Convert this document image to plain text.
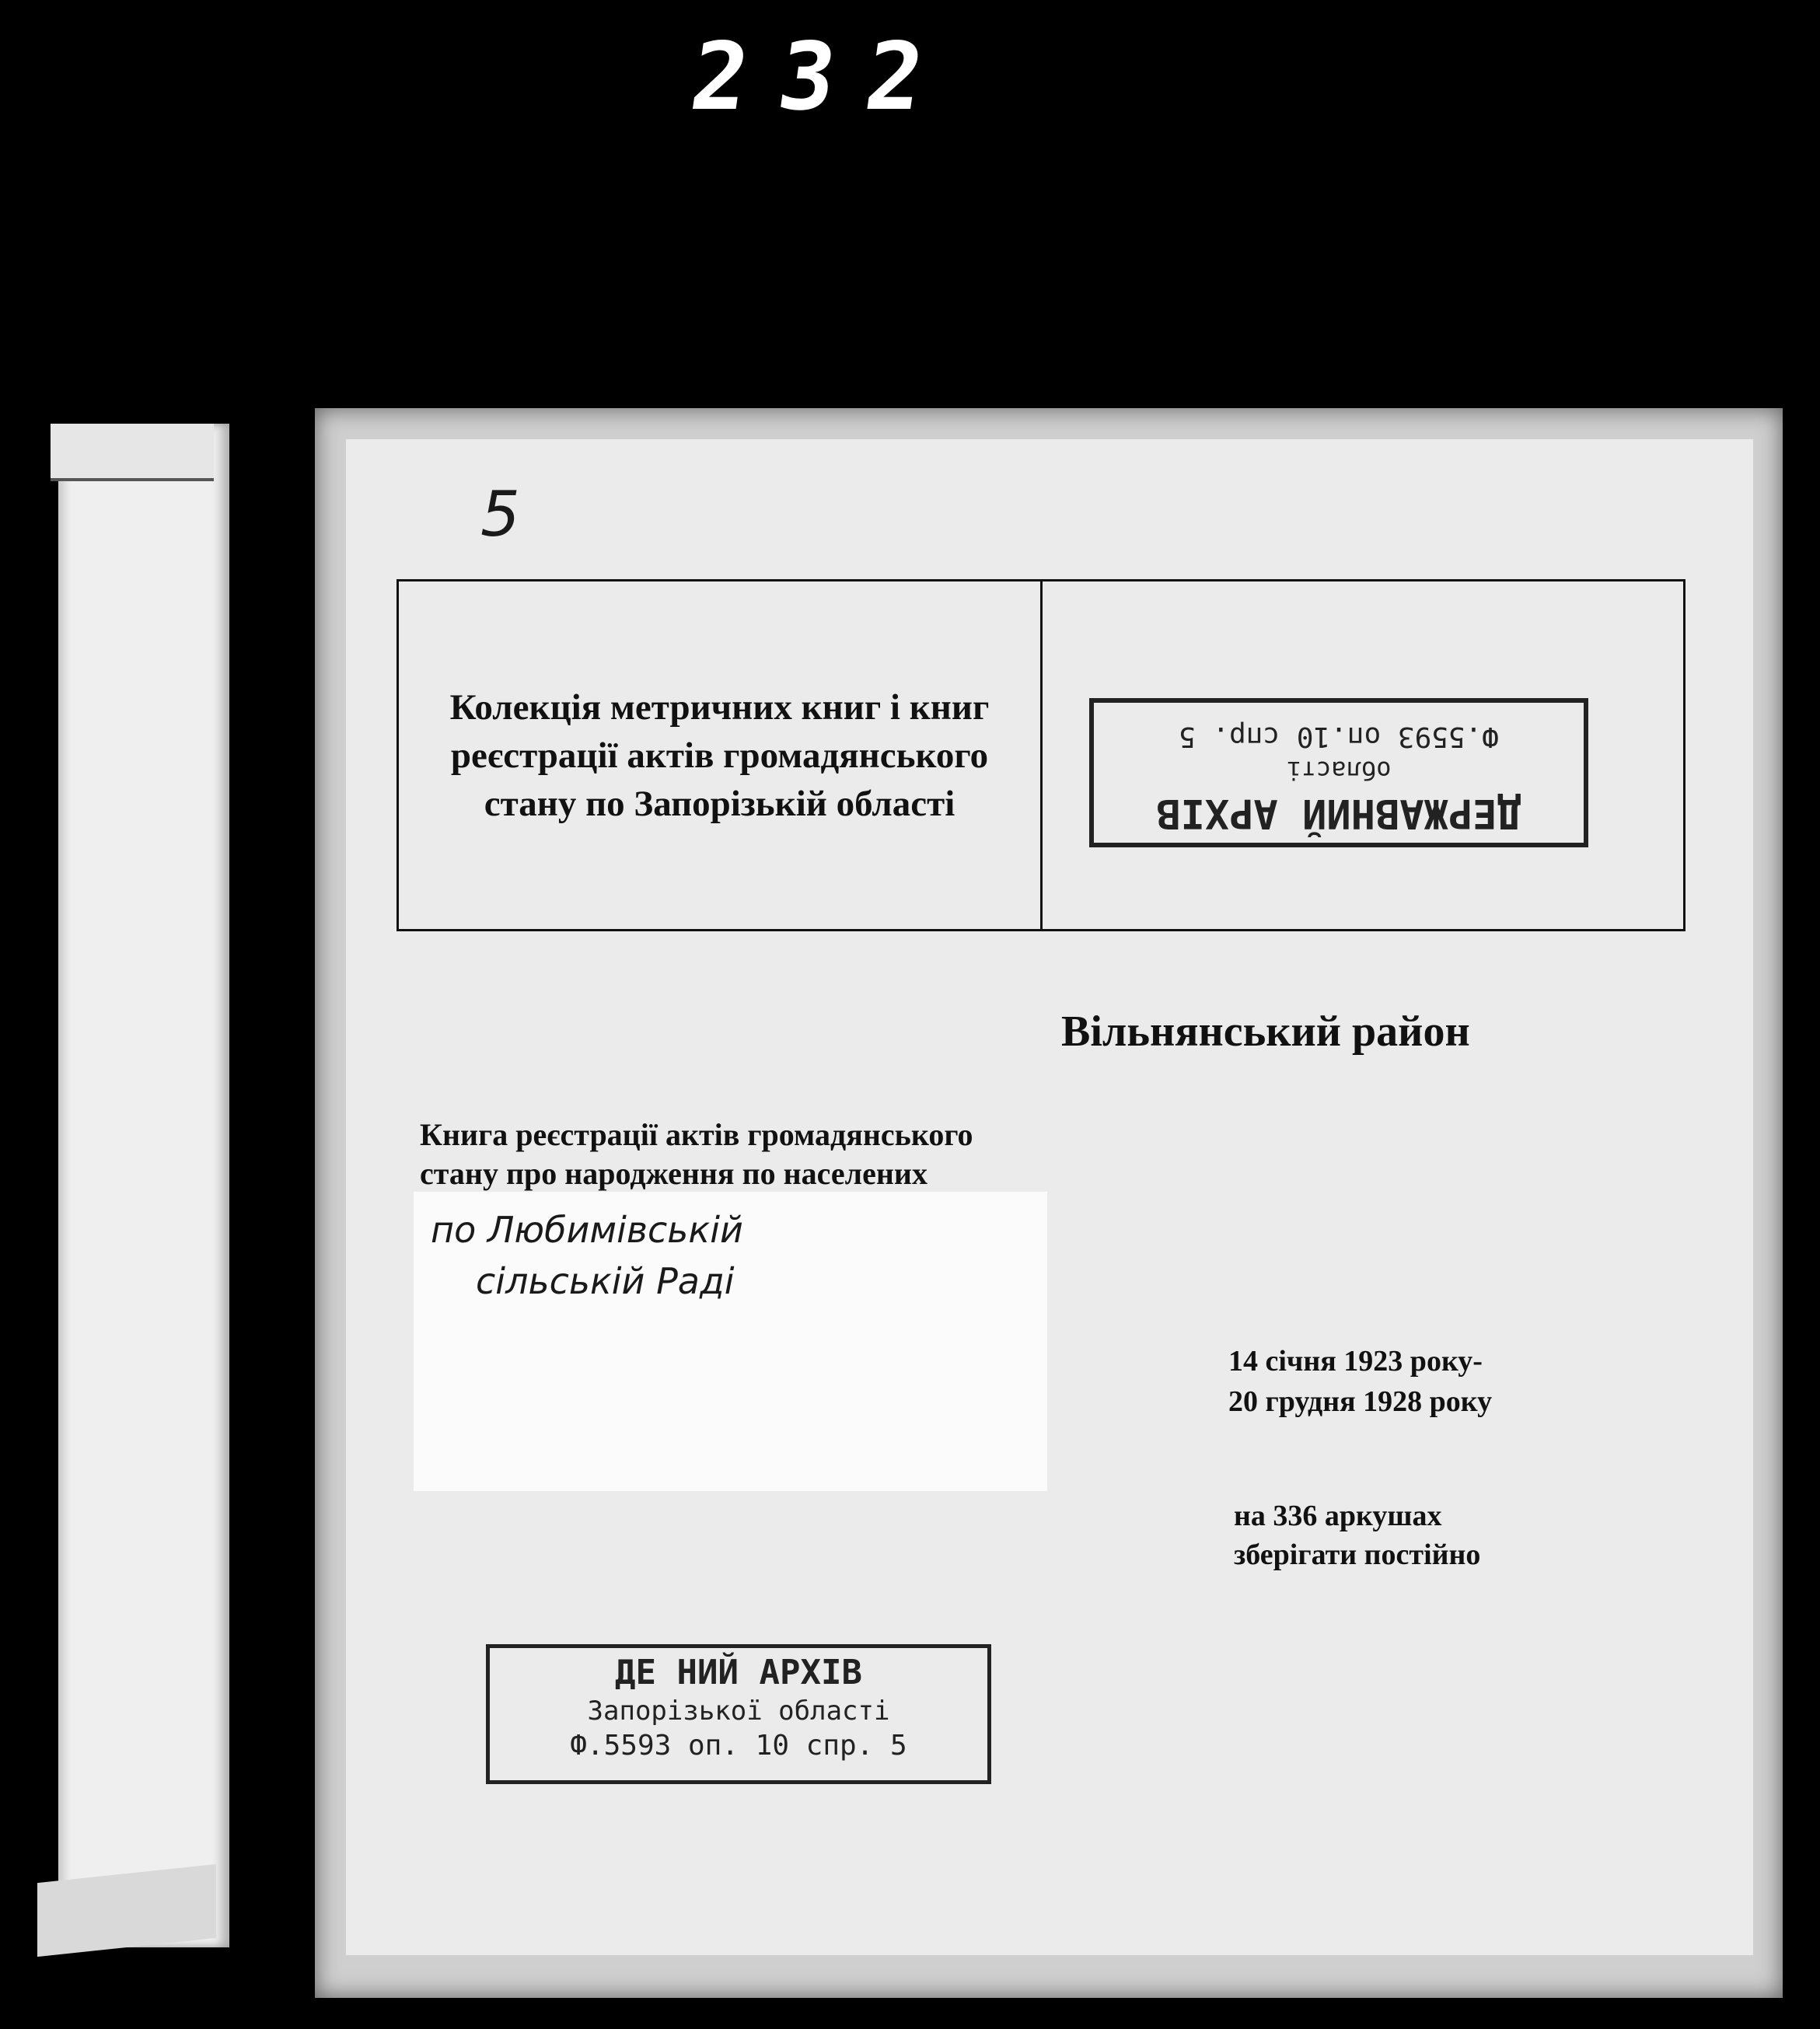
232
5
Колекція метричних книг і книг реєстрації актів громадянського стану по Запорізькій області	ДЕРЖАВНИЙ АРХІВ
області
Ф.5593 оп.10 спр. 5
Вільнянський район
Книга реєстрації актів громадянського
стану про народження по населених
по Любимівській
сільській Раді
14 січня 1923 року-
20 грудня 1928 року
на 336 аркушах
зберігати постійно
ДЕ НИЙ АРХІВ
Запорізької області
Ф.5593 оп. 10 спр. 5
